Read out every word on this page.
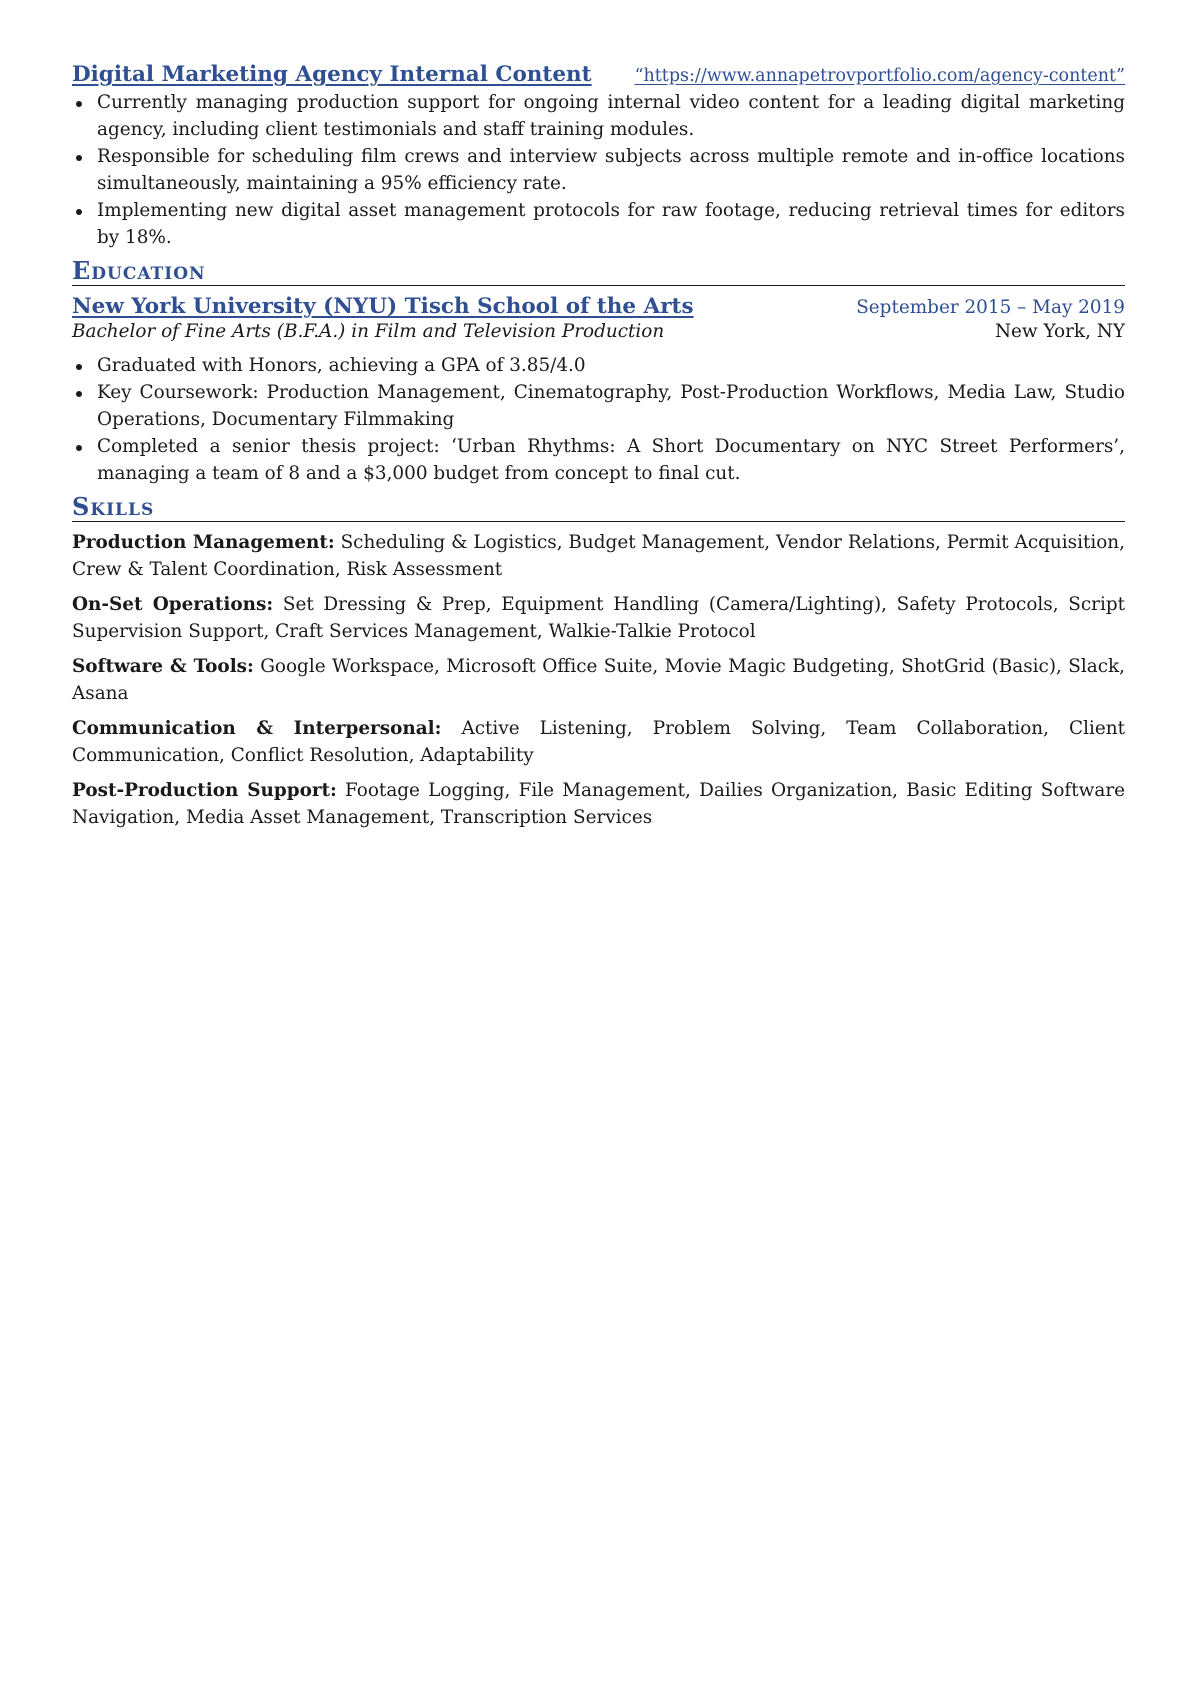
Digital Marketing Agency Internal Content “https://www.annapetrovportfolio.com/agency-content”
Currently managing production support for ongoing internal video content for a leading digital marketing agency, including client testimonials and staff training modules.
Responsible for scheduling film crews and interview subjects across multiple remote and in-office locations simultaneously, maintaining a 95% efficiency rate.
Implementing new digital asset management protocols for raw footage, reducing retrieval times for editors by 18%.
Education
New York University (NYU) Tisch School of the Arts	September 2015 – May 2019
Bachelor of Fine Arts (B.F.A.) in Film and Television Production	New York, NY
Graduated with Honors, achieving a GPA of 3.85/4.0
Key Coursework: Production Management, Cinematography, Post-Production Workflows, Media Law, Studio Operations, Documentary Filmmaking
Completed a senior thesis project: ‘Urban Rhythms: A Short Documentary on NYC Street Performers’, managing a team of 8 and a $3,000 budget from concept to final cut.
Skills

Production Management: Scheduling & Logistics, Budget Management, Vendor Relations, Permit Acquisition, Crew & Talent Coordination, Risk Assessment

On-Set Operations: Set Dressing & Prep, Equipment Handling (Camera/Lighting), Safety Protocols, Script Supervision Support, Craft Services Management, Walkie-Talkie Protocol

Software & Tools: Google Workspace, Microsoft Office Suite, Movie Magic Budgeting, ShotGrid (Basic), Slack, Asana

Communication & Interpersonal: Active Listening, Problem Solving, Team Collaboration, Client Communication, Conflict Resolution, Adaptability

Post-Production Support: Footage Logging, File Management, Dailies Organization, Basic Editing Software Navigation, Media Asset Management, Transcription Services
